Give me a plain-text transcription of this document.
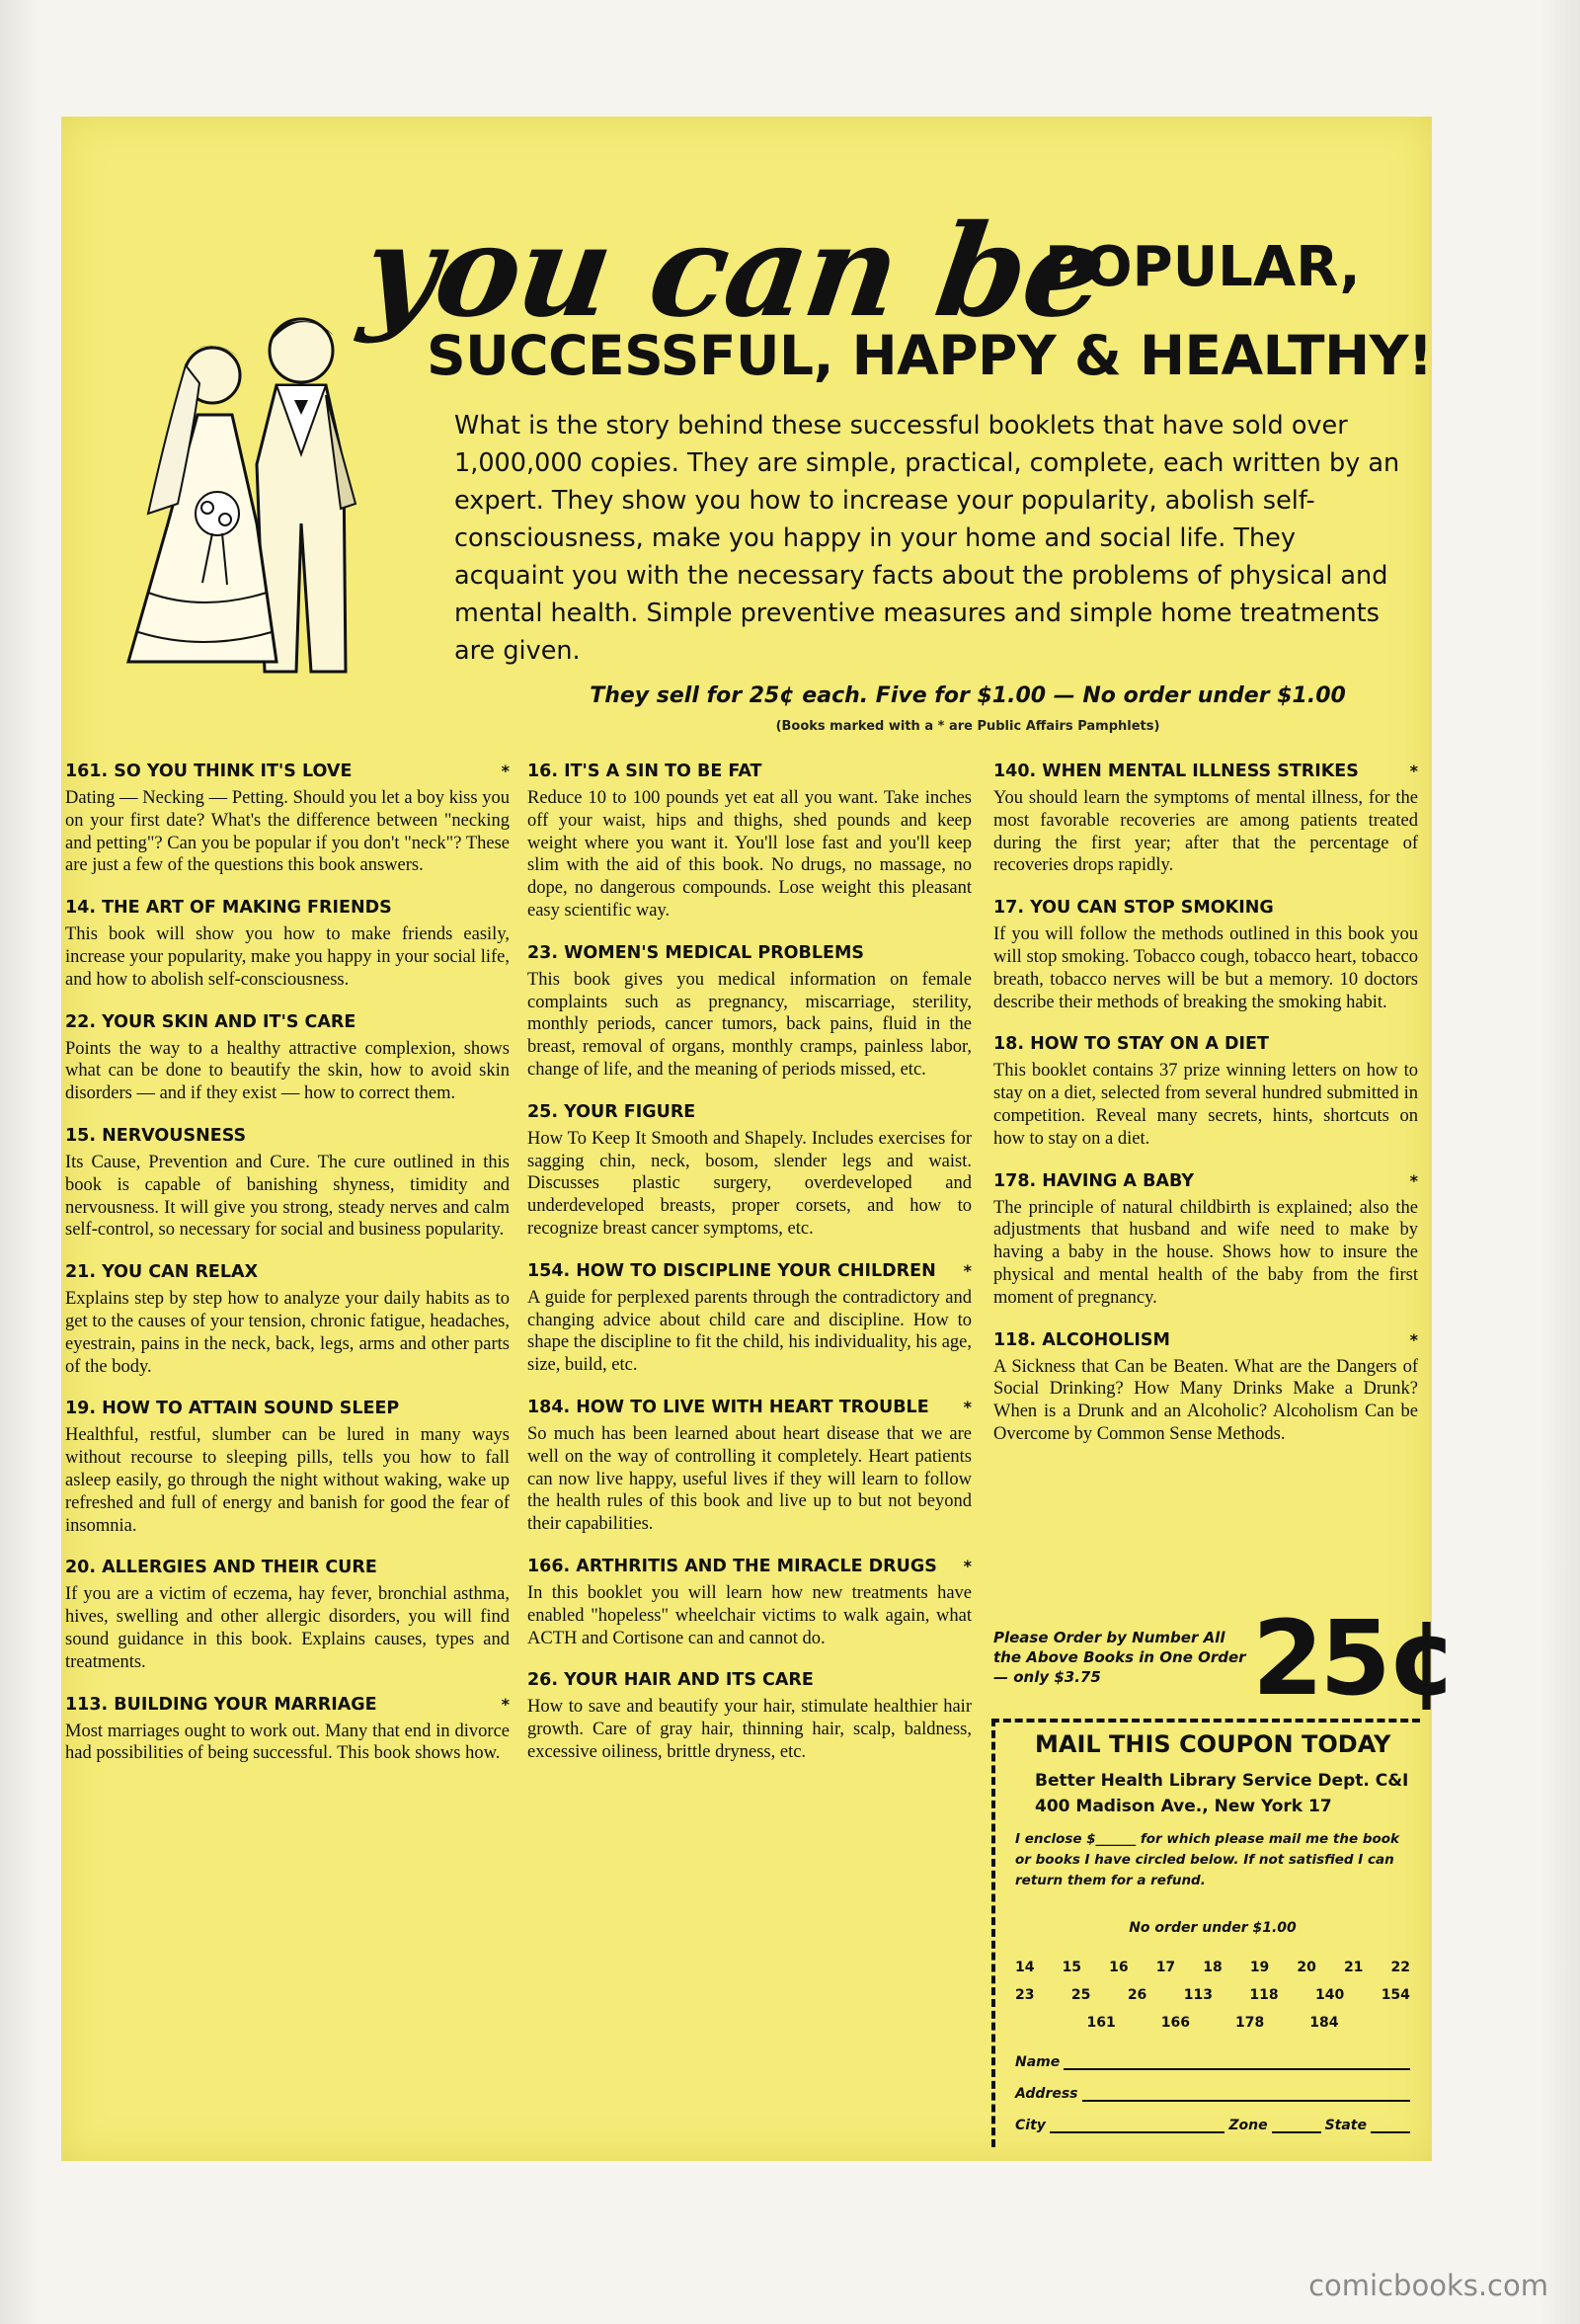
you can be
POPULAR,
SUCCESSFUL, HAPPY & HEALTHY!

What is the story behind these successful booklets that have sold over 1,000,000 copies. They are simple, practical, complete, each written by an expert. They show you how to increase your popularity, abolish self-consciousness, make you happy in your home and social life. They acquaint you with the necessary facts about the problems of physical and mental health. Simple preventive measures and simple home treatments are given.

They sell for 25¢ each. Five for $1.00 — No order under $1.00
(Books marked with a * are Public Affairs Pamphlets)
161. SO YOU THINK IT'S LOVE	*

Dating — Necking — Petting. Should you let a boy kiss you on your first date? What's the difference between "necking and petting"? Can you be popular if you don't "neck"? These are just a few of the questions this book answers.

14. THE ART OF MAKING FRIENDS

This book will show you how to make friends easily, increase your popularity, make you happy in your social life, and how to abolish self-consciousness.

22. YOUR SKIN AND IT'S CARE

Points the way to a healthy attractive complexion, shows what can be done to beautify the skin, how to avoid skin disorders — and if they exist — how to correct them.

15. NERVOUSNESS

Its Cause, Prevention and Cure. The cure outlined in this book is capable of banishing shyness, timidity and nervousness. It will give you strong, steady nerves and calm self-control, so necessary for social and business popularity.

21. YOU CAN RELAX

Explains step by step how to analyze your daily habits as to get to the causes of your tension, chronic fatigue, headaches, eyestrain, pains in the neck, back, legs, arms and other parts of the body.

19. HOW TO ATTAIN SOUND SLEEP

Healthful, restful, slumber can be lured in many ways without recourse to sleeping pills, tells you how to fall asleep easily, go through the night without waking, wake up refreshed and full of energy and banish for good the fear of insomnia.

20. ALLERGIES AND THEIR CURE

If you are a victim of eczema, hay fever, bronchial asthma, hives, swelling and other allergic disorders, you will find sound guidance in this book. Explains causes, types and treatments.

113. BUILDING YOUR MARRIAGE	*

Most marriages ought to work out. Many that end in divorce had possibilities of being successful. This book shows how.

16. IT'S A SIN TO BE FAT

Reduce 10 to 100 pounds yet eat all you want. Take inches off your waist, hips and thighs, shed pounds and keep weight where you want it. You'll lose fast and you'll keep slim with the aid of this book. No drugs, no massage, no dope, no dangerous compounds. Lose weight this pleasant easy scientific way.

23. WOMEN'S MEDICAL PROBLEMS

This book gives you medical information on female complaints such as pregnancy, miscarriage, sterility, monthly periods, cancer tumors, back pains, fluid in the breast, removal of organs, monthly cramps, painless labor, change of life, and the meaning of periods missed, etc.

25. YOUR FIGURE

How To Keep It Smooth and Shapely. Includes exercises for sagging chin, neck, bosom, slender legs and waist. Discusses plastic surgery, overdeveloped and underdeveloped breasts, proper corsets, and how to recognize breast cancer symptoms, etc.

154. HOW TO DISCIPLINE YOUR CHILDREN	*

A guide for perplexed parents through the contradictory and changing advice about child care and discipline. How to shape the discipline to fit the child, his individuality, his age, size, build, etc.

184. HOW TO LIVE WITH HEART TROUBLE	*

So much has been learned about heart disease that we are well on the way of controlling it completely. Heart patients can now live happy, useful lives if they will learn to follow the health rules of this book and live up to but not beyond their capabilities.

166. ARTHRITIS AND THE MIRACLE DRUGS	*

In this booklet you will learn how new treatments have enabled "hopeless" wheelchair victims to walk again, what ACTH and Cortisone can and cannot do.

26. YOUR HAIR AND ITS CARE

How to save and beautify your hair, stimulate healthier hair growth. Care of gray hair, thinning hair, scalp, baldness, excessive oiliness, brittle dryness, etc.

140. WHEN MENTAL ILLNESS STRIKES	*

You should learn the symptoms of mental illness, for the most favorable recoveries are among patients treated during the first year; after that the percentage of recoveries drops rapidly.

17. YOU CAN STOP SMOKING

If you will follow the methods outlined in this book you will stop smoking. Tobacco cough, tobacco heart, tobacco breath, tobacco nerves will be but a memory. 10 doctors describe their methods of breaking the smoking habit.

18. HOW TO STAY ON A DIET

This booklet contains 37 prize winning letters on how to stay on a diet, selected from several hundred submitted in competition. Reveal many secrets, hints, shortcuts on how to stay on a diet.

178. HAVING A BABY	*

The principle of natural childbirth is explained; also the adjustments that husband and wife need to make by having a baby in the house. Shows how to insure the physical and mental health of the baby from the first moment of pregnancy.

118. ALCOHOLISM	*

A Sickness that Can be Beaten. What are the Dangers of Social Drinking? How Many Drinks Make a Drunk? When is a Drunk and an Alcoholic? Alcoholism Can be Overcome by Common Sense Methods.

Please Order by Number All the Above Books in One Order — only $3.75	25¢
MAIL THIS COUPON TODAY
Better Health Library Service Dept. C&I
400 Madison Ave., New York 17
I enclose $______ for which please mail me the book or books I have circled below. If not satisfied I can return them for a refund.
No order under $1.00
14 15 16 17 18 19 20 21 22
23	25	26	113	118	140	154
161	166	178	184
Name
Address
City	Zone	State
comicbooks.com
